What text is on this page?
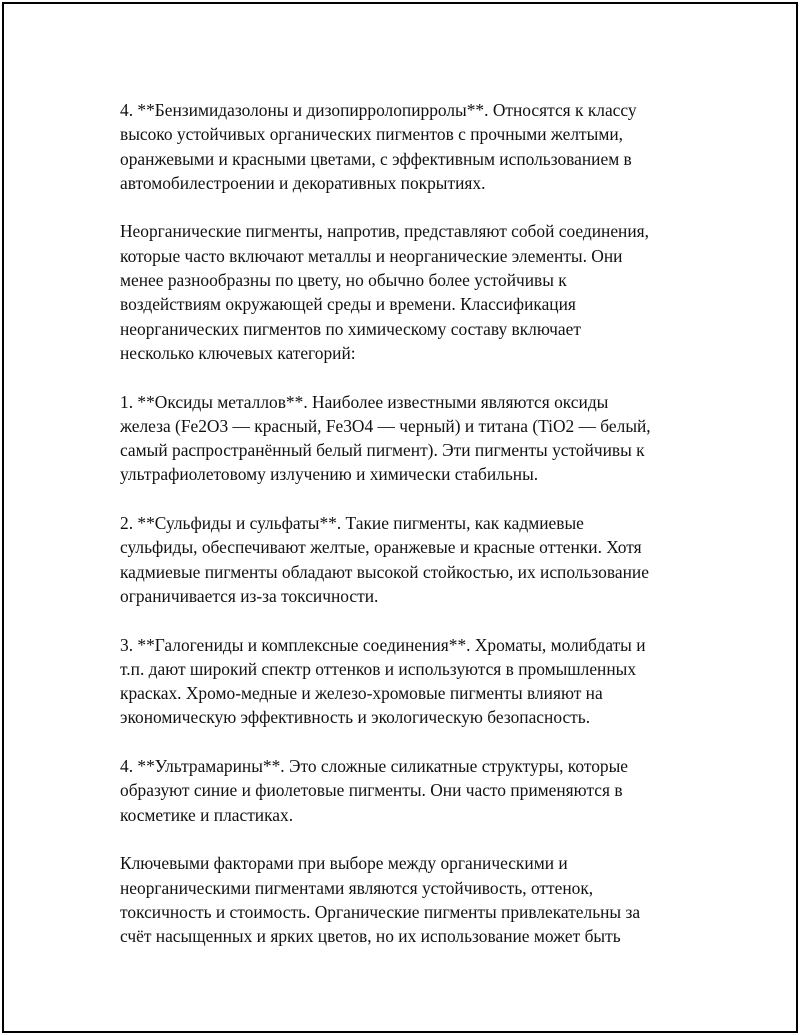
4. **Бензимидазолоны и дизопирролопирролы**. Относятся к классу
высоко устойчивых органических пигментов с прочными желтыми,
оранжевыми и красными цветами, с эффективным использованием в
автомобилестроении и декоративных покрытиях.

Неорганические пигменты, напротив, представляют собой соединения,
которые часто включают металлы и неорганические элементы. Они
менее разнообразны по цвету, но обычно более устойчивы к
воздействиям окружающей среды и времени. Классификация
неорганических пигментов по химическому составу включает
несколько ключевых категорий:

1. **Оксиды металлов**. Наиболее известными являются оксиды
железа (Fe2O3 — красный, Fe3O4 — черный) и титана (TiO2 — белый,
самый распространённый белый пигмент). Эти пигменты устойчивы к
ультрафиолетовому излучению и химически стабильны.

2. **Сульфиды и сульфаты**. Такие пигменты, как кадмиевые
сульфиды, обеспечивают желтые, оранжевые и красные оттенки. Хотя
кадмиевые пигменты обладают высокой стойкостью, их использование
ограничивается из-за токсичности.

3. **Галогениды и комплексные соединения**. Хроматы, молибдаты и
т.п. дают широкий спектр оттенков и используются в промышленных
красках. Хромо-медные и железо-хромовые пигменты влияют на
экономическую эффективность и экологическую безопасность.

4. **Ультрамарины**. Это сложные силикатные структуры, которые
образуют синие и фиолетовые пигменты. Они часто применяются в
косметике и пластиках.

Ключевыми факторами при выборе между органическими и
неорганическими пигментами являются устойчивость, оттенок,
токсичность и стоимость. Органические пигменты привлекательны за
счёт насыщенных и ярких цветов, но их использование может быть
